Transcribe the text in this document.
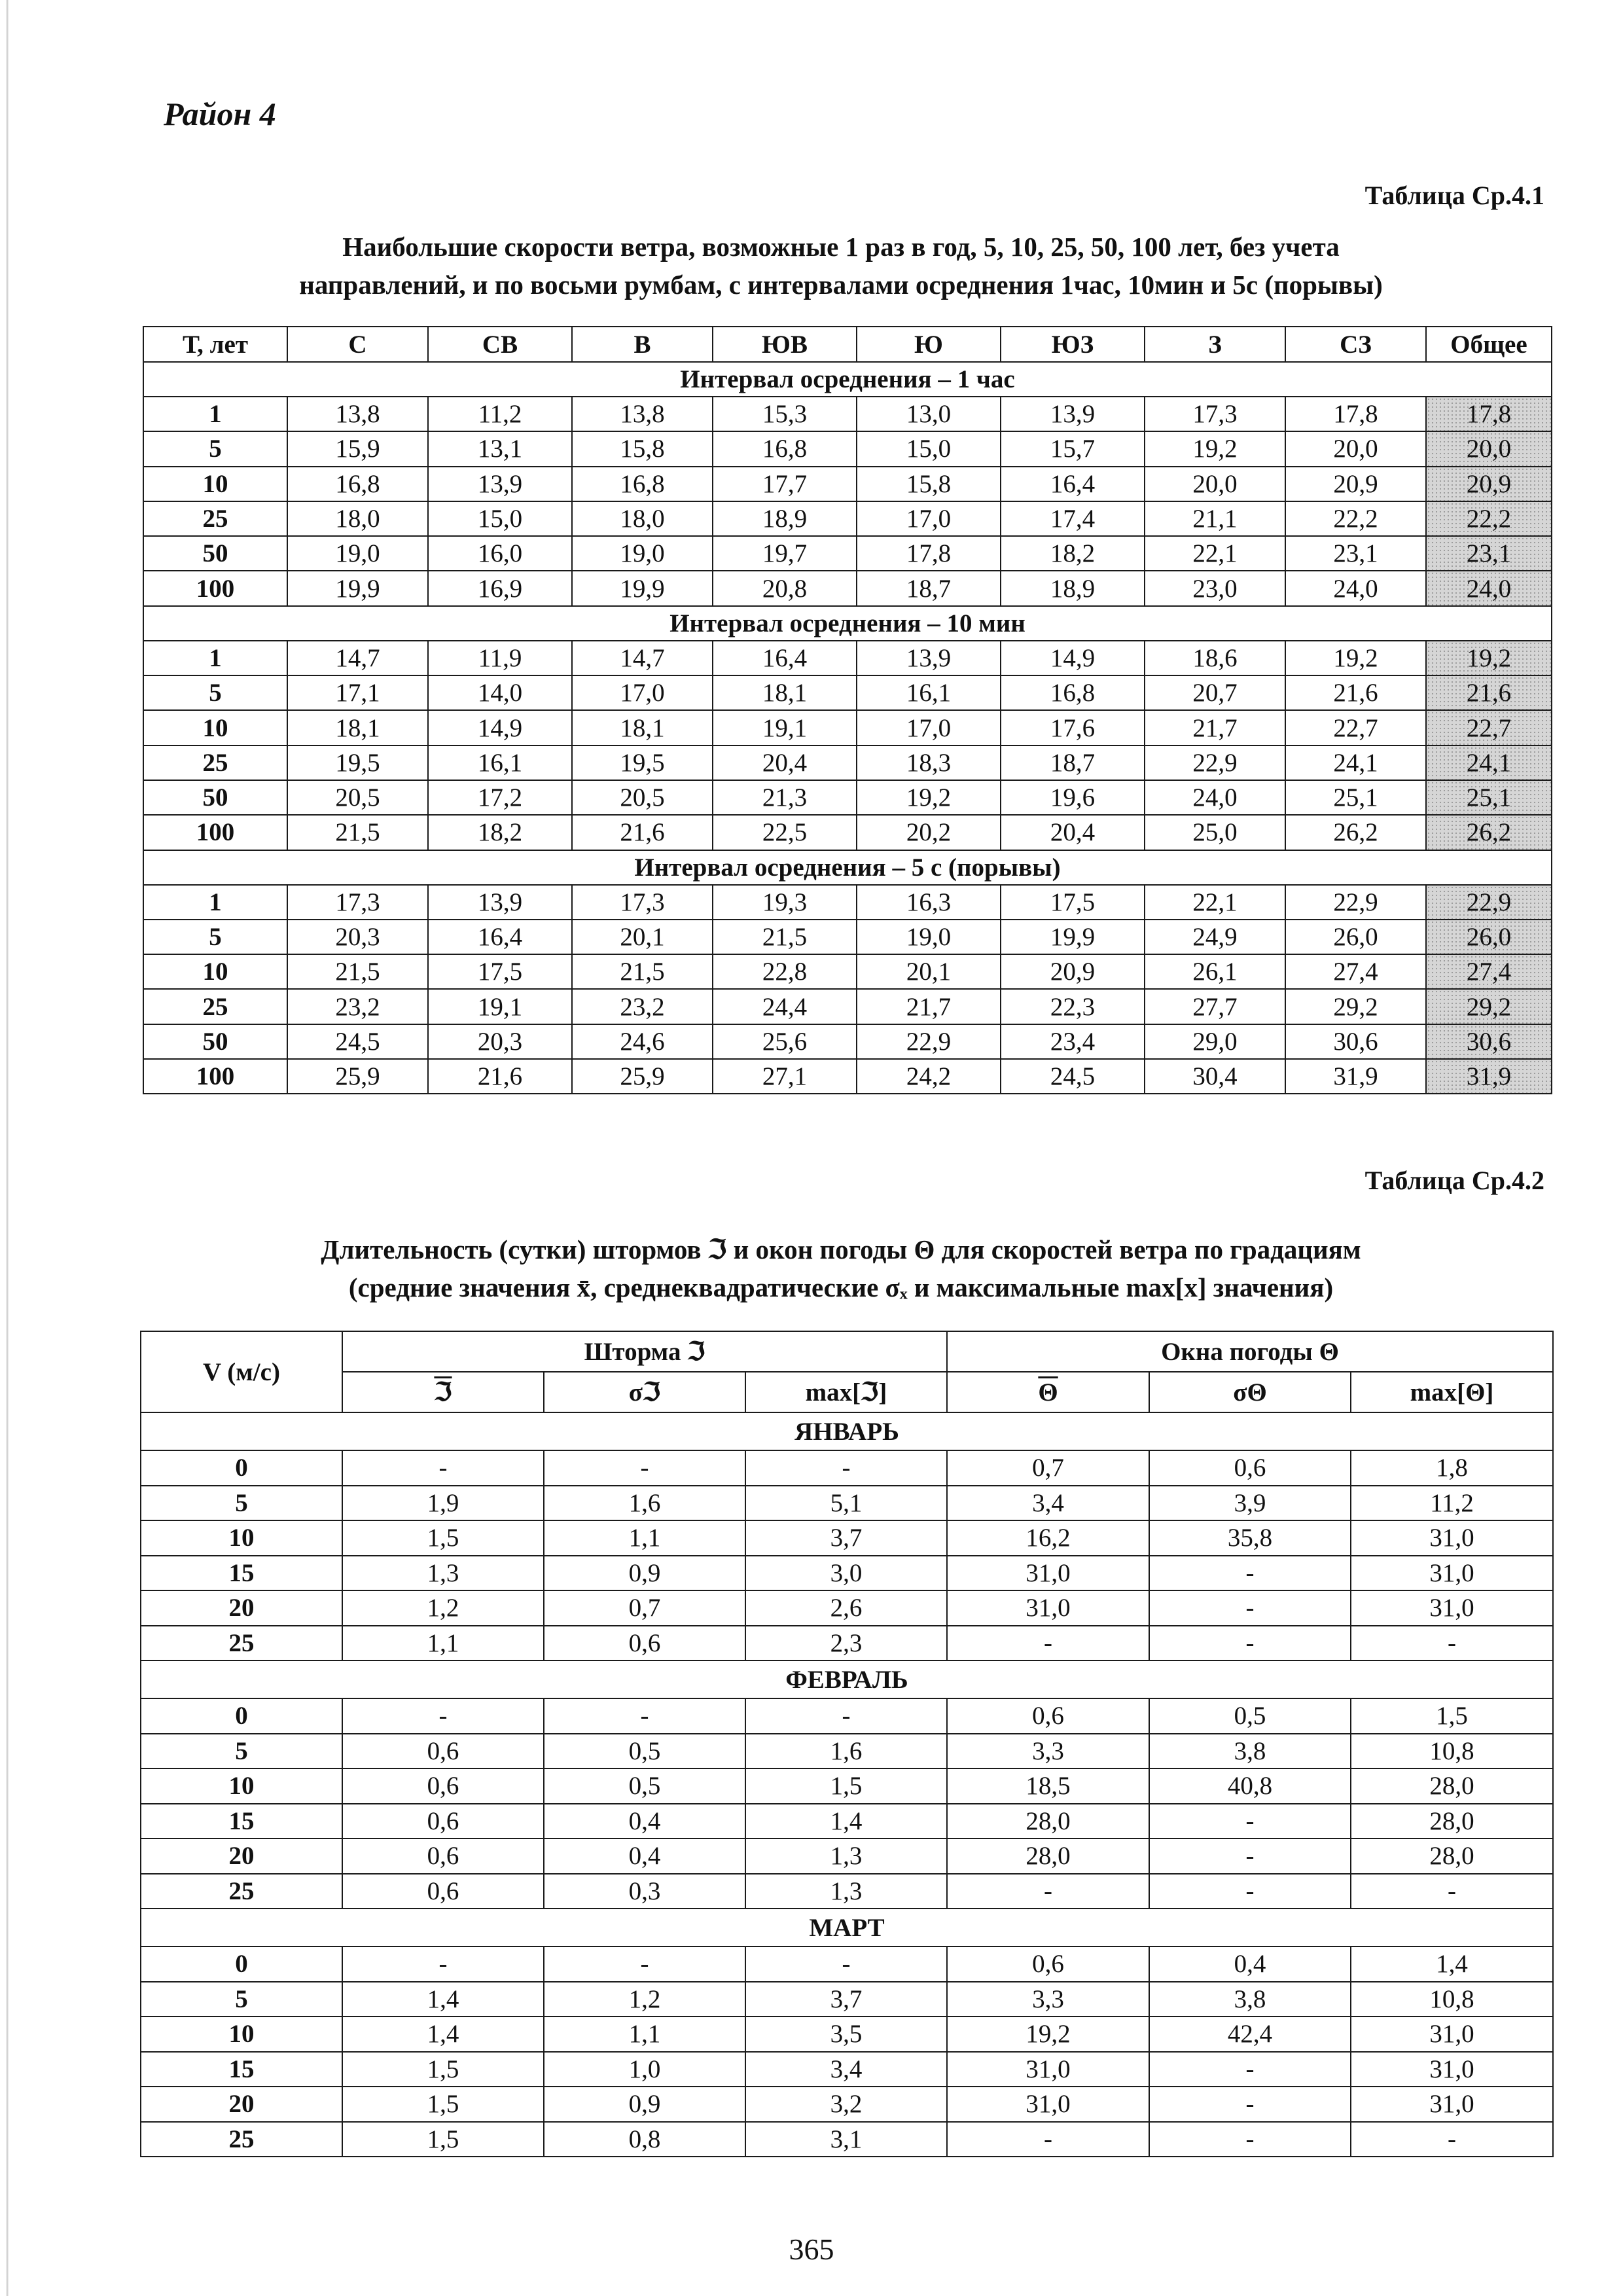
Район 4
Таблица Ср.4.1
Наибольшие скорости ветра, возможные 1 раз в год, 5, 10, 25, 50, 100 лет, без учета
направлений, и по восьми румбам, с интервалами осреднения 1час, 10мин и 5с (порывы)
Т, лет	С	СВ	В	ЮВ	Ю	ЮЗ	З	СЗ	Общее
Интервал осреднения – 1 час									
1	13,8	11,2	13,8	15,3	13,0	13,9	17,3	17,8	17,8
5	15,9	13,1	15,8	16,8	15,0	15,7	19,2	20,0	20,0
10	16,8	13,9	16,8	17,7	15,8	16,4	20,0	20,9	20,9
25	18,0	15,0	18,0	18,9	17,0	17,4	21,1	22,2	22,2
50	19,0	16,0	19,0	19,7	17,8	18,2	22,1	23,1	23,1
100	19,9	16,9	19,9	20,8	18,7	18,9	23,0	24,0	24,0
Интервал осреднения – 10 мин									
1	14,7	11,9	14,7	16,4	13,9	14,9	18,6	19,2	19,2
5	17,1	14,0	17,0	18,1	16,1	16,8	20,7	21,6	21,6
10	18,1	14,9	18,1	19,1	17,0	17,6	21,7	22,7	22,7
25	19,5	16,1	19,5	20,4	18,3	18,7	22,9	24,1	24,1
50	20,5	17,2	20,5	21,3	19,2	19,6	24,0	25,1	25,1
100	21,5	18,2	21,6	22,5	20,2	20,4	25,0	26,2	26,2
Интервал осреднения – 5 с (порывы)									
1	17,3	13,9	17,3	19,3	16,3	17,5	22,1	22,9	22,9
5	20,3	16,4	20,1	21,5	19,0	19,9	24,9	26,0	26,0
10	21,5	17,5	21,5	22,8	20,1	20,9	26,1	27,4	27,4
25	23,2	19,1	23,2	24,4	21,7	22,3	27,7	29,2	29,2
50	24,5	20,3	24,6	25,6	22,9	23,4	29,0	30,6	30,6
100	25,9	21,6	25,9	27,1	24,2	24,5	30,4	31,9	31,9
Таблица Ср.4.2
Длительность (сутки) штормов ℑ и окон погоды Θ для скоростей ветра по градациям
(средние значения x̄, среднеквадратические σₓ и максимальные max[x] значения)
V (м/с)	Шторма ℑ			Окна погоды Θ		
	ℑ	σℑ	max[ℑ]	$\overline{\Theta}$	σΘ	max[Θ]
ЯНВАРЬ						
0	-	-	-	0,7	0,6	1,8
5	1,9	1,6	5,1	3,4	3,9	11,2
10	1,5	1,1	3,7	16,2	35,8	31,0
15	1,3	0,9	3,0	31,0	-	31,0
20	1,2	0,7	2,6	31,0	-	31,0
25	1,1	0,6	2,3	-	-	-
ФЕВРАЛЬ						
0	-	-	-	0,6	0,5	1,5
5	0,6	0,5	1,6	3,3	3,8	10,8
10	0,6	0,5	1,5	18,5	40,8	28,0
15	0,6	0,4	1,4	28,0	-	28,0
20	0,6	0,4	1,3	28,0	-	28,0
25	0,6	0,3	1,3	-	-	-
МАРТ						
0	-	-	-	0,6	0,4	1,4
5	1,4	1,2	3,7	3,3	3,8	10,8
10	1,4	1,1	3,5	19,2	42,4	31,0
15	1,5	1,0	3,4	31,0	-	31,0
20	1,5	0,9	3,2	31,0	-	31,0
25	1,5	0,8	3,1	-	-	-
365
